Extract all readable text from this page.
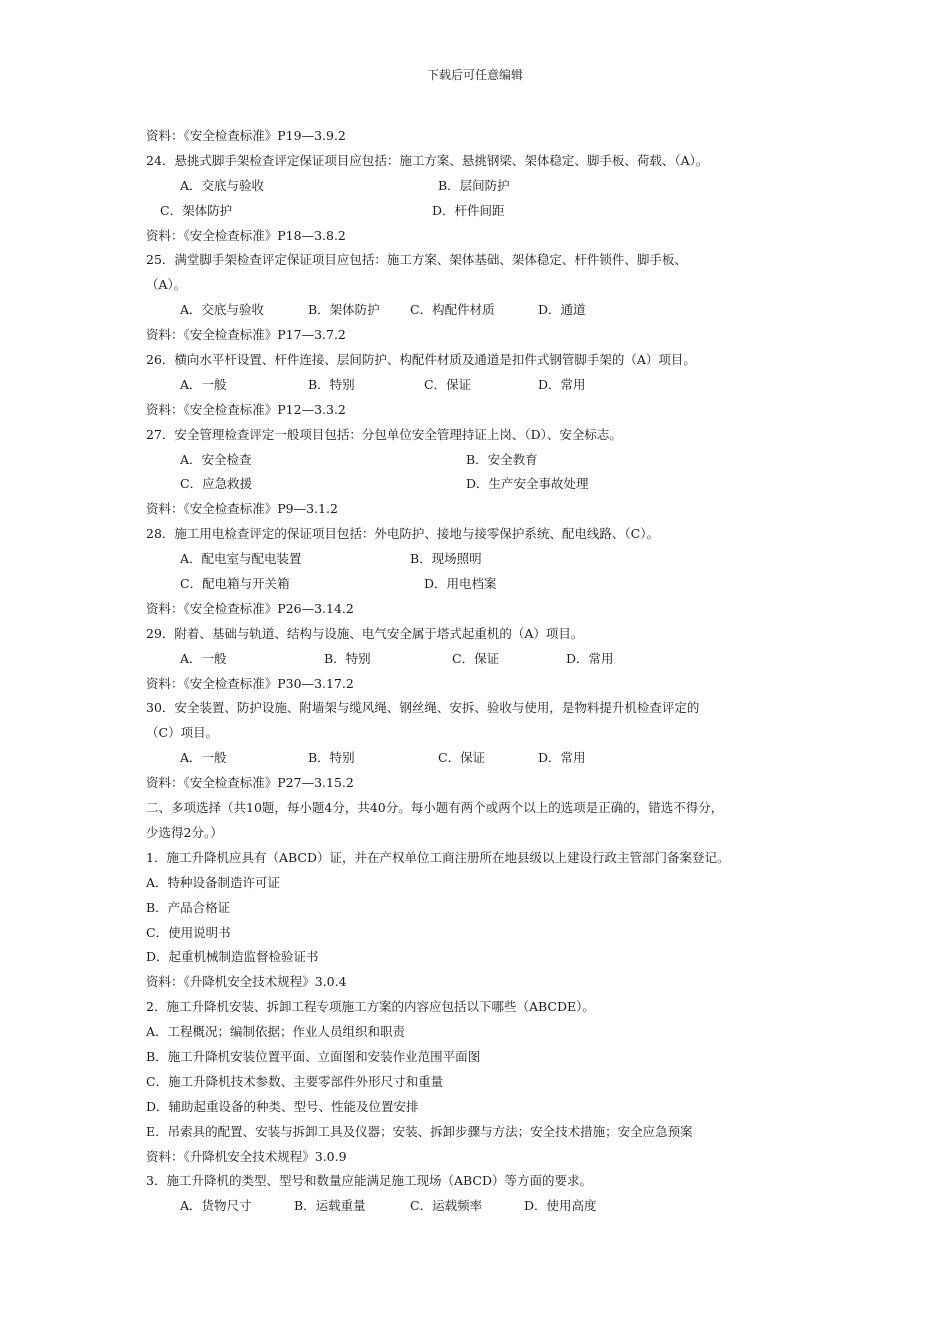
下载后可任意编辑
资料：《安全检查标准》P19—3.9.2
24．悬挑式脚手架检查评定保证项目应包括：施工方案、悬挑钢梁、架体稳定、脚手板、荷载、（A）。
A．交底与验收	B．层间防护
C．架体防护	D．杆件间距
资料：《安全检查标准》P18—3.8.2
25．满堂脚手架检查评定保证项目应包括：施工方案、架体基础、架体稳定、杆件锁件、脚手板、
（A）。
A．交底与验收	B．架体防护 C．构配件材质	D．通道
资料：《安全检查标准》P17—3.7.2
26．横向水平杆设置、杆件连接、层间防护、构配件材质及通道是扣件式钢管脚手架的（A）项目。
A．一般	B．特别	C．保证	D．常用
资料：《安全检查标准》P12—3.3.2
27．安全管理检查评定一般项目包括：分包单位安全管理持证上岗、（D）、安全标志。
A．安全检查	B．安全教育
C．应急救援	D．生产安全事故处理
资料：《安全检查标准》P9—3.1.2
28．施工用电检查评定的保证项目包括：外电防护、接地与接零保护系统、配电线路、（C）。
A．配电室与配电装置	B．现场照明
C．配电箱与开关箱	D．用电档案
资料：《安全检查标准》P26—3.14.2
29．附着、基础与轨道、结构与设施、电气安全属于塔式起重机的（A）项目。
A．一般	B．特别	C．保证	D．常用
资料：《安全检查标准》P30—3.17.2
30．安全装置、防护设施、附墙架与缆风绳、钢丝绳、安拆、验收与使用，是物料提升机检查评定的
（C）项目。
A．一般	B．特别	C．保证	D．常用
资料：《安全检查标准》P27—3.15.2
二、多项选择（共10题，每小题4分，共40分。每小题有两个或两个以上的选项是正确的，错选不得分，
少选得2分。）
1．施工升降机应具有（ABCD）证，并在产权单位工商注册所在地县级以上建设行政主管部门备案登记。
A．特种设备制造许可证
B．产品合格证
C．使用说明书
D．起重机械制造监督检验证书
资料：《升降机安全技术规程》3.0.4
2．施工升降机安装、拆卸工程专项施工方案的内容应包括以下哪些（ABCDE）。
A．工程概况；编制依据；作业人员组织和职责
B．施工升降机安装位置平面、立面图和安装作业范围平面图
C．施工升降机技术参数、主要零部件外形尺寸和重量
D．辅助起重设备的种类、型号、性能及位置安排
E．吊索具的配置、安装与拆卸工具及仪器；安装、拆卸步骤与方法；安全技术措施；安全应急预案
资料：《升降机安全技术规程》3.0.9
3．施工升降机的类型、型号和数量应能满足施工现场（ABCD）等方面的要求。
A．货物尺寸	B．运载重量	C．运载频率	D．使用高度
